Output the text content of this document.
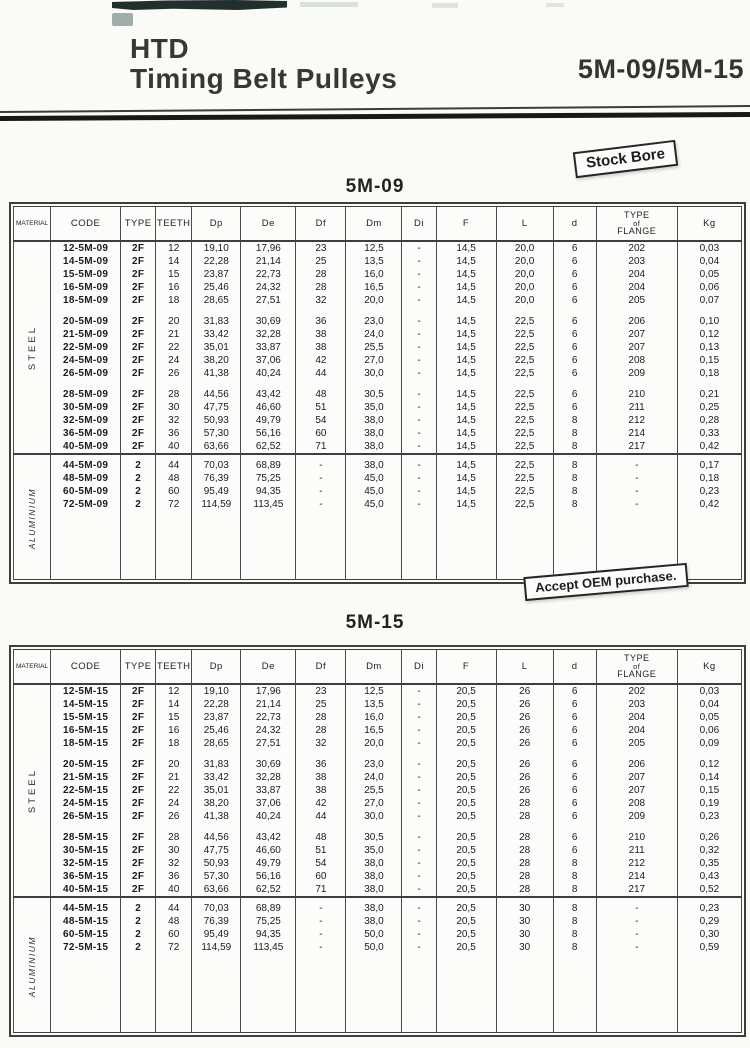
HTD
Timing Belt Pulleys	5M-09/5M-15
Stock Bore
5M-09
MATERIAL	CODE	TYPE	TEETH	Dp	De	Df	Dm	Di	F	L	d	TYPE
of
FLANGE	Kg

STEEL	12-5M-09	2F	12	19,10	17,96	23	12,5	-	14,5	20,0	6	202	0,03
	14-5M-09	2F	14	22,28	21,14	25	13,5	-	14,5	20,0	6	203	0,04
	15-5M-09	2F	15	23,87	22,73	28	16,0	-	14,5	20,0	6	204	0,05
	16-5M-09	2F	16	25,46	24,32	28	16,5	-	14,5	20,0	6	204	0,06
	18-5M-09	2F	18	28,65	27,51	32	20,0	-	14,5	20,0	6	205	0,07

	20-5M-09	2F	20	31,83	30,69	36	23,0	-	14,5	22,5	6	206	0,10
	21-5M-09	2F	21	33,42	32,28	38	24,0	-	14,5	22,5	6	207	0,12
	22-5M-09	2F	22	35,01	33,87	38	25,5	-	14,5	22,5	6	207	0,13
	24-5M-09	2F	24	38,20	37,06	42	27,0	-	14,5	22,5	6	208	0,15
	26-5M-09	2F	26	41,38	40,24	44	30,0	-	14,5	22,5	6	209	0,18

	28-5M-09	2F	28	44,56	43,42	48	30,5	-	14,5	22,5	6	210	0,21
	30-5M-09	2F	30	47,75	46,60	51	35,0	-	14,5	22,5	6	211	0,25
	32-5M-09	2F	32	50,93	49,79	54	38,0	-	14,5	22,5	8	212	0,28
	36-5M-09	2F	36	57,30	56,16	60	38,0	-	14,5	22,5	8	214	0,33
	40-5M-09	2F	40	63,66	62,52	71	38,0	-	14,5	22,5	8	217	0,42

ALUMINIUM	44-5M-09	2	44	70,03	68,89	-	38,0	-	14,5	22,5	8	-	0,17
	48-5M-09	2	48	76,39	75,25	-	45,0	-	14,5	22,5	8	-	0,18
	60-5M-09	2	60	95,49	94,35	-	45,0	-	14,5	22,5	8	-	0,23
	72-5M-09	2	72	114,59	113,45	-	45,0	-	14,5	22,5	8	-	0,42

Accept OEM purchase.
5M-15
MATERIAL	CODE	TYPE	TEETH	Dp	De	Df	Dm	Di	F	L	d	TYPE
of
FLANGE	Kg

STEEL	12-5M-15	2F	12	19,10	17,96	23	12,5	-	20,5	26	6	202	0,03
	14-5M-15	2F	14	22,28	21,14	25	13,5	-	20,5	26	6	203	0,04
	15-5M-15	2F	15	23,87	22,73	28	16,0	-	20,5	26	6	204	0,05
	16-5M-15	2F	16	25,46	24,32	28	16,5	-	20,5	26	6	204	0,06
	18-5M-15	2F	18	28,65	27,51	32	20,0	-	20,5	26	6	205	0,09

	20-5M-15	2F	20	31,83	30,69	36	23,0	-	20,5	26	6	206	0,12
	21-5M-15	2F	21	33,42	32,28	38	24,0	-	20,5	26	6	207	0,14
	22-5M-15	2F	22	35,01	33,87	38	25,5	-	20,5	26	6	207	0,15
	24-5M-15	2F	24	38,20	37,06	42	27,0	-	20,5	28	6	208	0,19
	26-5M-15	2F	26	41,38	40,24	44	30,0	-	20,5	28	6	209	0,23

	28-5M-15	2F	28	44,56	43,42	48	30,5	-	20,5	28	6	210	0,26
	30-5M-15	2F	30	47,75	46,60	51	35,0	-	20,5	28	6	211	0,32
	32-5M-15	2F	32	50,93	49,79	54	38,0	-	20,5	28	8	212	0,35
	36-5M-15	2F	36	57,30	56,16	60	38,0	-	20,5	28	8	214	0,43
	40-5M-15	2F	40	63,66	62,52	71	38,0	-	20,5	28	8	217	0,52

ALUMINIUM	44-5M-15	2	44	70,03	68,89	-	38,0	-	20,5	30	8	-	0,23
	48-5M-15	2	48	76,39	75,25	-	38,0	-	20,5	30	8	-	0,29
	60-5M-15	2	60	95,49	94,35	-	50,0	-	20,5	30	8	-	0,30
	72-5M-15	2	72	114,59	113,45	-	50,0	-	20,5	30	8	-	0,59
